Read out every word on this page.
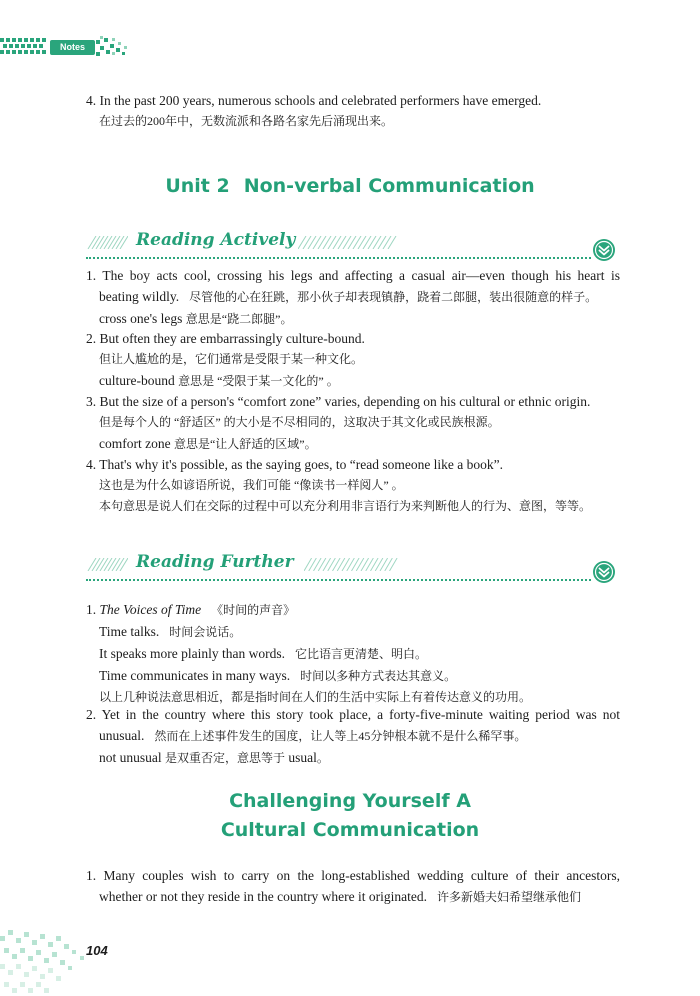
Notes

4. In the past 200 years, numerous schools and celebrated performers have emerged.

在过去的200年中，无数流派和各路名家先后涌现出来。

Unit 2 Non-verbal Communication
Reading Actively

1. The boy acts cool, crossing his legs and affecting a casual air—even though his heart is

beating wildly. 尽管他的心在狂跳，那小伙子却表现镇静，跷着二郎腿，装出很随意的样子。

cross one's legs 意思是“跷二郎腿”。

2. But often they are embarrassingly culture-bound.

但让人尴尬的是，它们通常是受限于某一种文化。

culture-bound 意思是 “受限于某一文化的” 。

3. But the size of a person's “comfort zone” varies, depending on his cultural or ethnic origin.

但是每个人的 “舒适区” 的大小是不尽相同的，这取决于其文化或民族根源。

comfort zone 意思是“让人舒适的区域”。

4. That's why it's possible, as the saying goes, to “read someone like a book”.

这也是为什么如谚语所说，我们可能 “像读书一样阅人” 。

本句意思是说人们在交际的过程中可以充分利用非言语行为来判断他人的行为、意图，等等。

Reading Further

1. The Voices of Time 《时间的声音》

Time talks. 时间会说话。

It speaks more plainly than words. 它比语言更清楚、明白。

Time communicates in many ways. 时间以多种方式表达其意义。

以上几种说法意思相近，都是指时间在人们的生活中实际上有着传达意义的功用。

2. Yet in the country where this story took place, a forty-five-minute waiting period was not

unusual. 然而在上述事件发生的国度，让人等上45分钟根本就不是什么稀罕事。

not unusual 是双重否定，意思等于 usual。

Challenging Yourself A
Cultural Communication

1. Many couples wish to carry on the long-established wedding culture of their ancestors,

whether or not they reside in the country where it originated. 许多新婚夫妇希望继承他们

104
